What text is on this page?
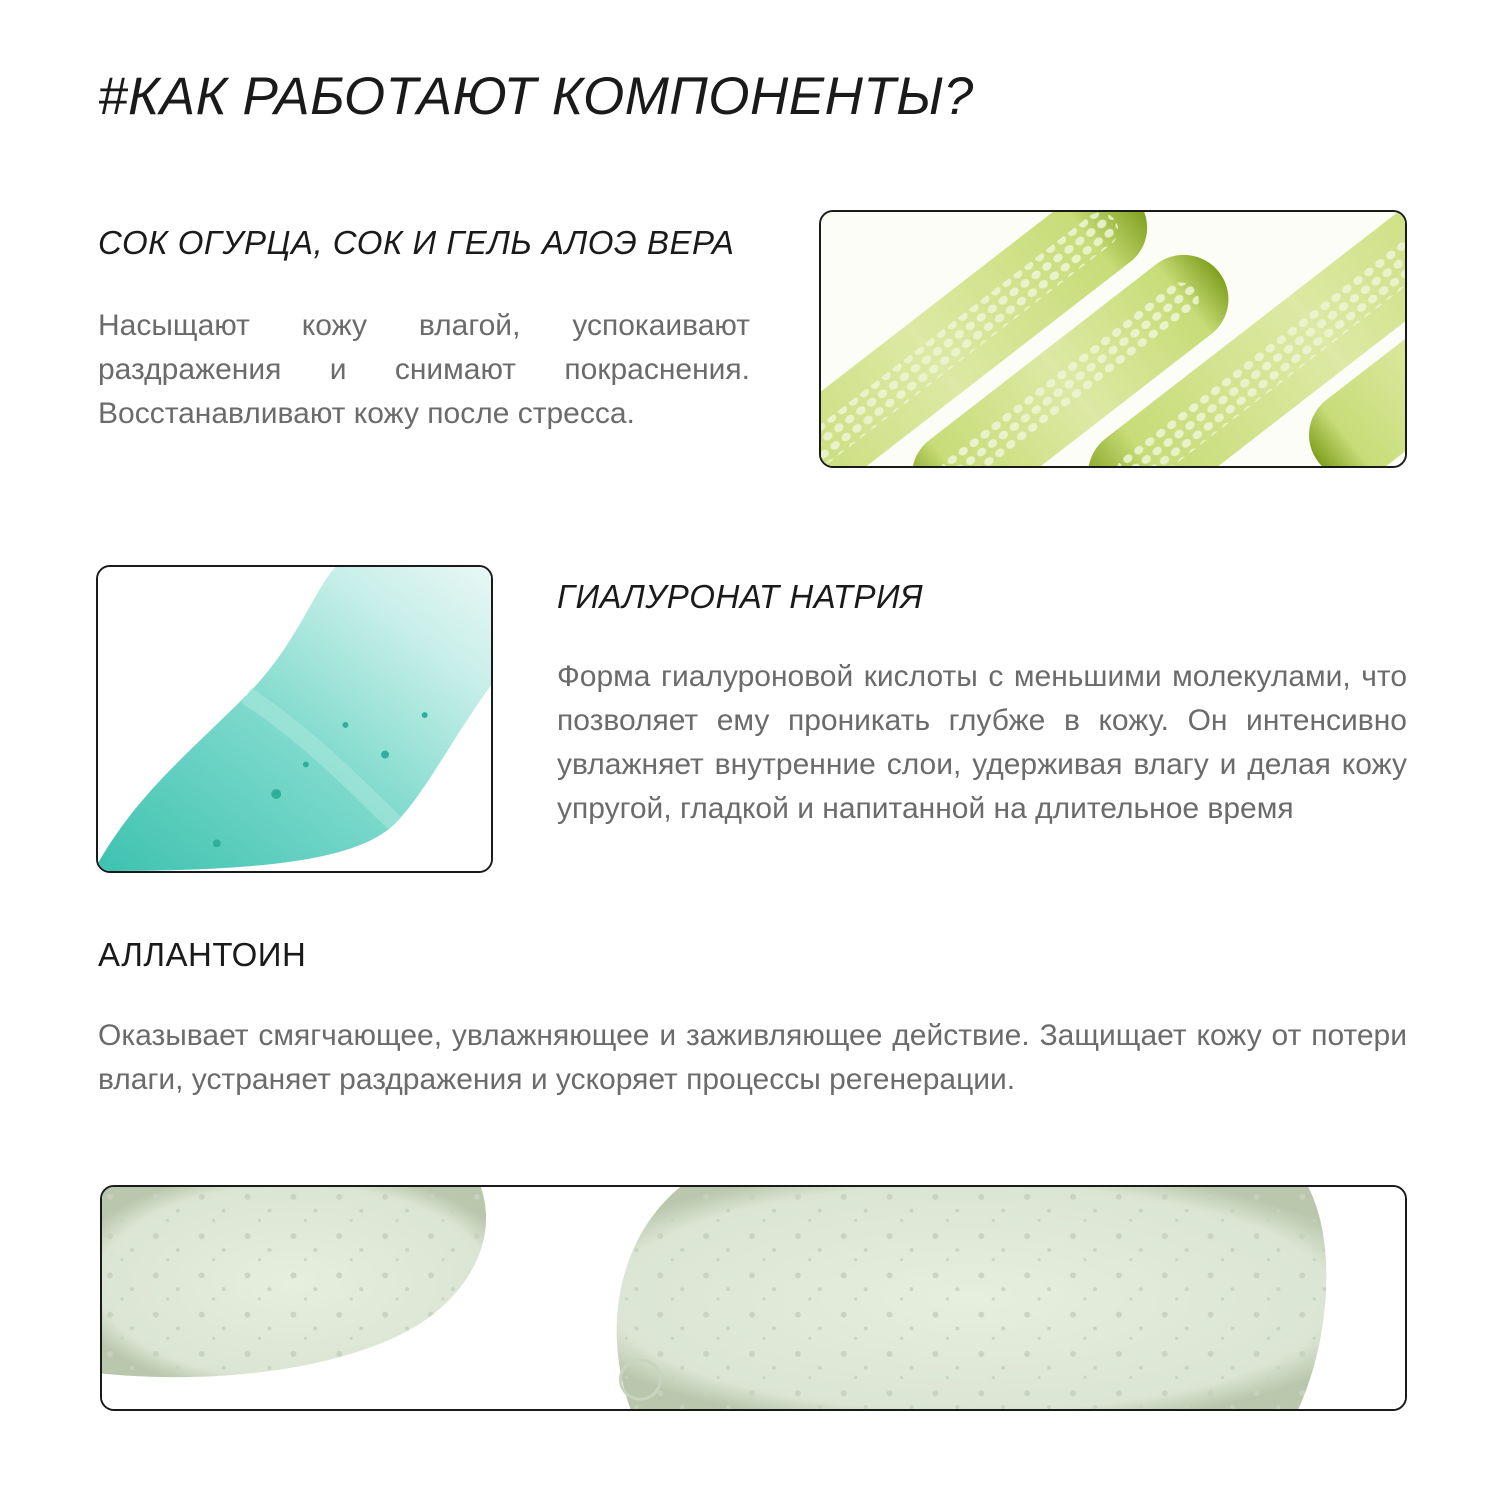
#КАК РАБОТАЮТ КОМПОНЕНТЫ?
СОК ОГУРЦА, СОК И ГЕЛЬ АЛОЭ ВЕРА

Насыщают кожу влагой, успокаивают раздражения и снимают покраснения. Восстанавливают кожу после стресса.

ГИАЛУРОНАТ НАТРИЯ

Форма гиалуроновой кислоты с меньшими молекулами, что позволяет ему проникать глубже в кожу. Он интенсивно увлажняет внутренние слои, удерживая влагу и делая кожу упругой, гладкой и напитанной на длительное время

АЛЛАНТОИН

Оказывает смягчающее, увлажняющее и заживляющее действие. Защищает кожу от потери влаги, устраняет раздражения и ускоряет процессы регенерации.
